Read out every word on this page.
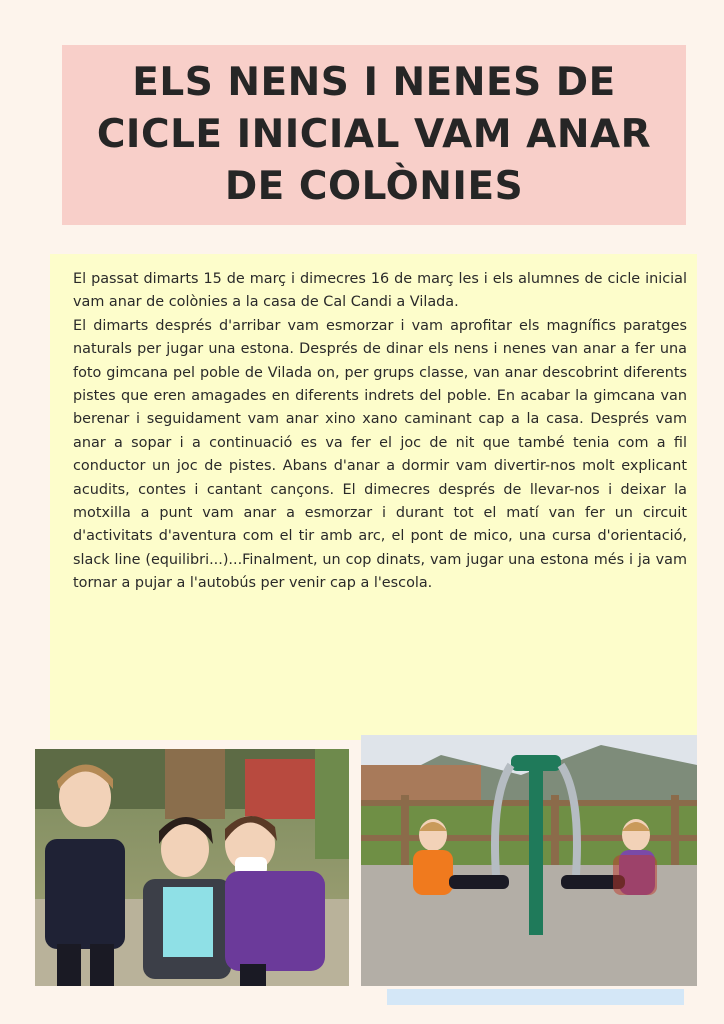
ELS NENS I NENES DE CICLE INICIAL VAM ANAR DE COLÒNIES

El passat dimarts 15 de març i dimecres 16 de març les i els alumnes de cicle inicial vam anar de colònies a la casa de Cal Candi a Vilada.
El dimarts després d'arribar vam esmorzar i vam aprofitar els magnífics paratges naturals per jugar una estona. Després de dinar els nens i nenes van anar a fer una foto gimcana pel poble de Vilada on, per grups classe, van anar descobrint diferents pistes que eren amagades en diferents indrets del poble. En acabar la gimcana van berenar i seguidament vam anar xino xano caminant cap a la casa. Després vam anar a sopar i a continuació es va fer el joc de nit que també tenia com a fil conductor un joc de pistes. Abans d'anar a dormir vam divertir-nos molt explicant acudits, contes i cantant cançons. El dimecres després de llevar-nos i deixar la motxilla a punt vam anar a esmorzar i durant tot el matí van fer un circuit d'activitats d'aventura com el tir amb arc, el pont de mico, una cursa d'orientació, slack line (equilibri...)...Finalment, un cop dinats, vam jugar una estona més i ja vam tornar a pujar a l'autobús per venir cap a l'escola.
